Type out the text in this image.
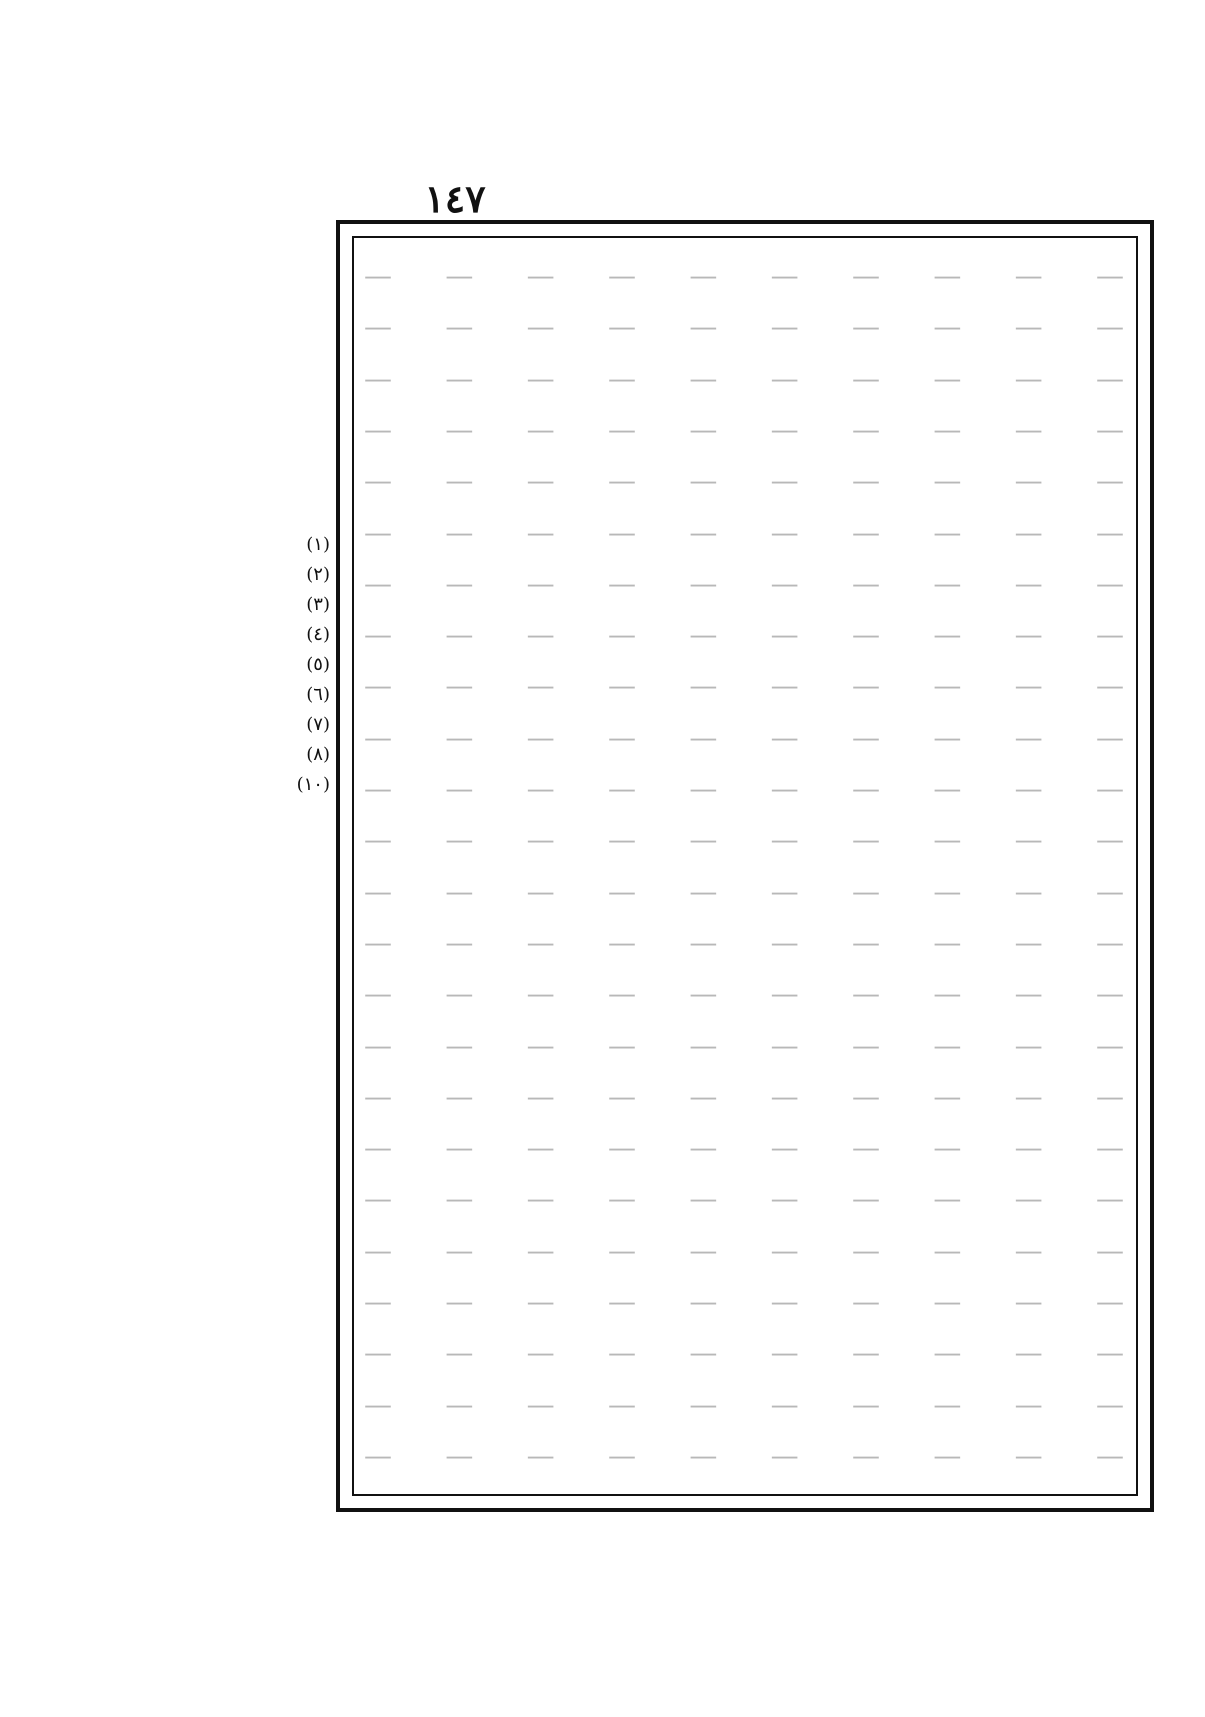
١٤٧
— — — — — — — — — —
— — — — — — — — — —
— — — — — — — — — —
— — — — — — — — — —
— — — — — — — — — —
— — — — — — — — — —
— — — — — — — — — —
— — — — — — — — — —
— — — — — — — — — —
— — — — — — — — — —
— — — — — — — — — —
— — — — — — — — — —
— — — — — — — — — —
— — — — — — — — — —
— — — — — — — — — —
— — — — — — — — — —
— — — — — — — — — —
— — — — — — — — — —
— — — — — — — — — —
— — — — — — — — — —
— — — — — — — — — —
— — — — — — — — — —
— — — — — — — — — —
— — — — — — — — — —
(١)
(٢)
(٣)
(٤)
(٥)
(٦)
(٧)
(٨)
(١٠)
